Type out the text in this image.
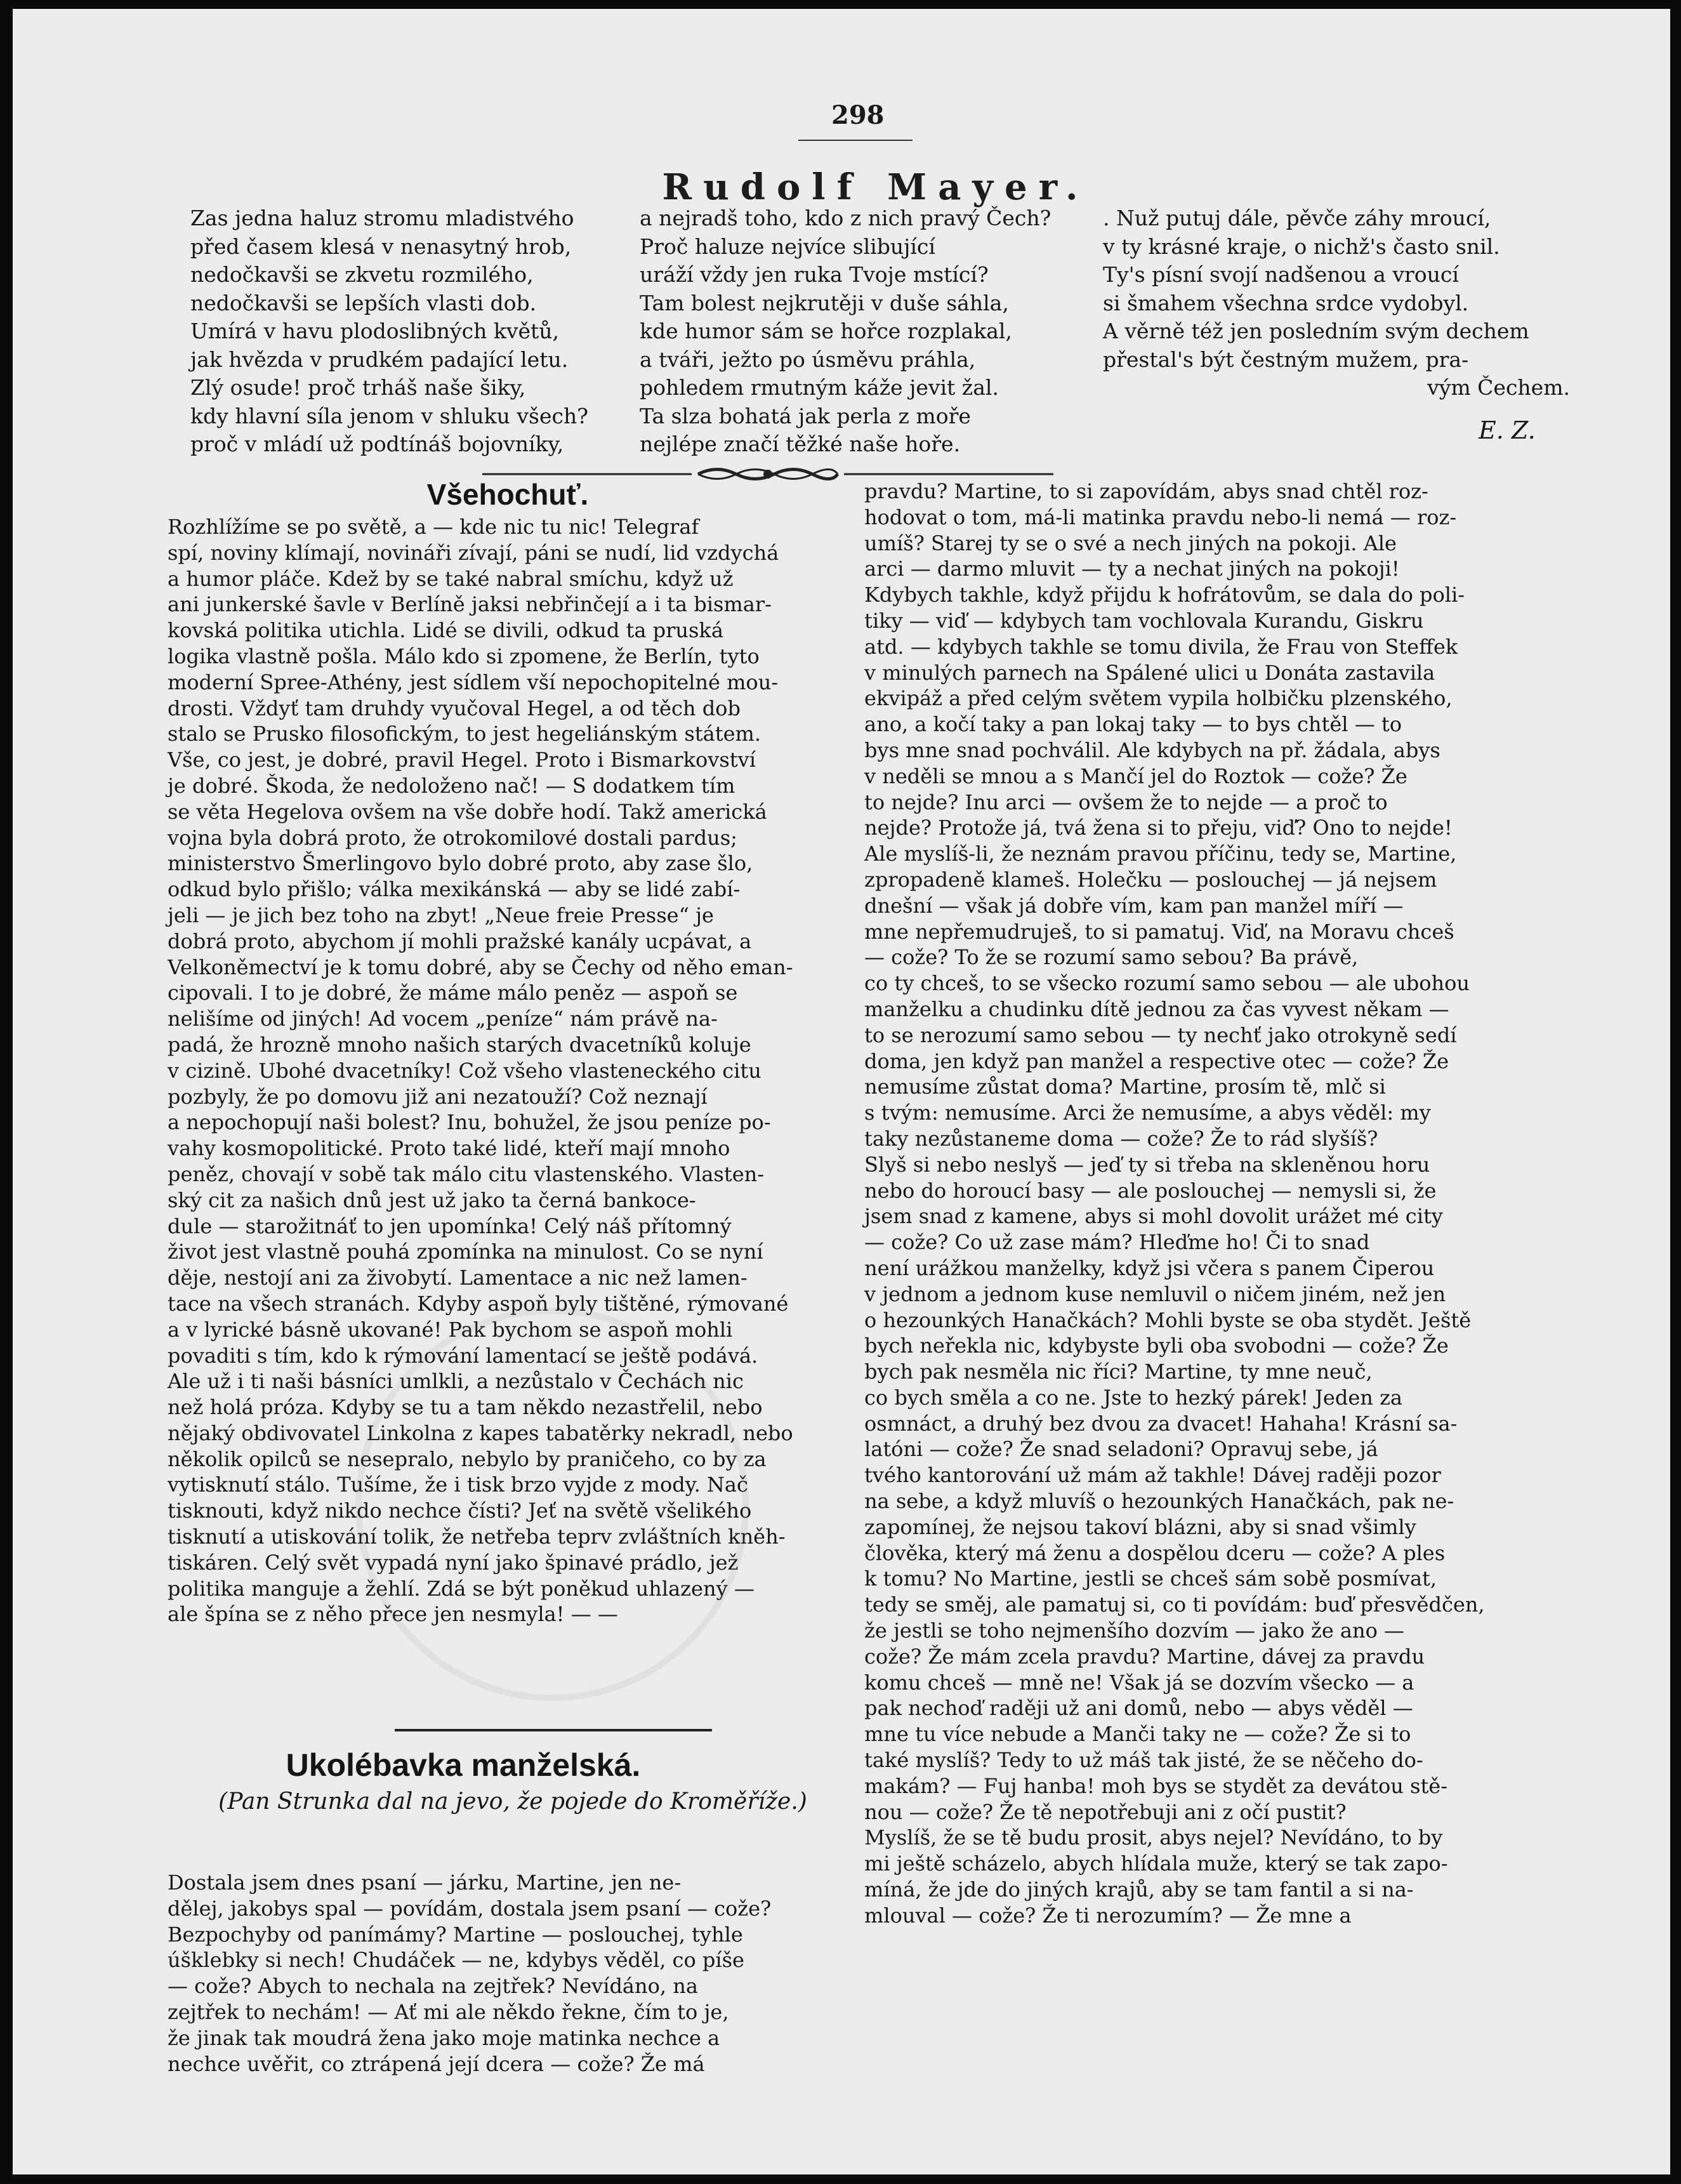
298
Rudolf Mayer.
Zas jedna haluz stromu mladistvého
před časem klesá v nenasytný hrob,
nedočkavši se zkvetu rozmilého,
nedočkavši se lepších vlasti dob.
Umírá v havu plodoslibných květů,
jak hvězda v prudkém padající letu.
Zlý osude! proč trháš naše šiky,
kdy hlavní síla jenom v shluku všech?
proč v mládí už podtínáš bojovníky,
a nejradš toho, kdo z nich pravý Čech?
Proč haluze nejvíce slibující
uráží vždy jen ruka Tvoje mstící?
Tam bolest nejkrutěji v duše sáhla,
kde humor sám se hořce rozplakal,
a tváři, ježto po úsměvu práhla,
pohledem rmutným káže jevit žal.
Ta slza bohatá jak perla z moře
nejlépe značí těžké naše hoře.
. Nuž putuj dále, pěvče záhy mroucí,
v ty krásné kraje, o nichž's často snil.
Ty's písní svojí nadšenou a vroucí
si šmahem všechna srdce vydobyl.
A věrně též jen posledním svým dechem
přestal's být čestným mužem, pra-
vým Čechem.
E. Z.
Všehochuť.
Rozhlížíme se po světě, a — kde nic tu nic! Telegraf
spí, noviny klímají, novináři zívají, páni se nudí, lid vzdychá
a humor pláče. Kdež by se také nabral smíchu, když už
ani junkerské šavle v Berlíně jaksi nebřinčejí a i ta bismar-
kovská politika utichla. Lidé se divili, odkud ta pruská
logika vlastně pošla. Málo kdo si zpomene, že Berlín, tyto
moderní Spree-Athény, jest sídlem vší nepochopitelné mou-
drosti. Vždyť tam druhdy vyučoval Hegel, a od těch dob
stalo se Prusko filosofickým, to jest hegeliánským státem.
Vše, co jest, je dobré, pravil Hegel. Proto i Bismarkovství
je dobré. Škoda, že nedoloženo nač! — S dodatkem tím
se věta Hegelova ovšem na vše dobře hodí. Takž americká
vojna byla dobrá proto, že otrokomilové dostali pardus;
ministerstvo Šmerlingovo bylo dobré proto, aby zase šlo,
odkud bylo přišlo; válka mexikánská — aby se lidé zabí-
jeli — je jich bez toho na zbyt! „Neue freie Presse“ je
dobrá proto, abychom jí mohli pražské kanály ucpávat, a
Velkoněmectví je k tomu dobré, aby se Čechy od něho eman-
cipovali. I to je dobré, že máme málo peněz — aspoň se
nelišíme od jiných! Ad vocem „peníze“ nám právě na-
padá, že hrozně mnoho našich starých dvacetníků koluje
v cizině. Ubohé dvacetníky! Což všeho vlasteneckého citu
pozbyly, že po domovu již ani nezatouží? Což neznají
a nepochopují naši bolest? Inu, bohužel, že jsou peníze po-
vahy kosmopolitické. Proto také lidé, kteří mají mnoho
peněz, chovají v sobě tak málo citu vlastenského. Vlasten-
ský cit za našich dnů jest už jako ta černá bankoce-
dule — starožitnáť to jen upomínka! Celý náš přítomný
život jest vlastně pouhá zpomínka na minulost. Co se nyní
děje, nestojí ani za živobytí. Lamentace a nic než lamen-
tace na všech stranách. Kdyby aspoň byly tištěné, rýmované
a v lyrické básně ukované! Pak bychom se aspoň mohli
povaditi s tím, kdo k rýmování lamentací se ještě podává.
Ale už i ti naši básníci umlkli, a nezůstalo v Čechách nic
než holá próza. Kdyby se tu a tam někdo nezastřelil, nebo
nějaký obdivovatel Linkolna z kapes tabatěrky nekradl, nebo
několik opilců se nesepralo, nebylo by praničeho, co by za
vytisknutí stálo. Tušíme, že i tisk brzo vyjde z mody. Nač
tisknouti, když nikdo nechce čísti? Jeť na světě všelikého
tisknutí a utiskování tolik, že netřeba teprv zvláštních kněh-
tiskáren. Celý svět vypadá nyní jako špinavé prádlo, jež
politika manguje a žehlí. Zdá se být poněkud uhlazený —
ale špína se z něho přece jen nesmyla! — —
Ukolébavka manželská.
(Pan Strunka dal na jevo, že pojede do Kroměříže.)
Dostala jsem dnes psaní — járku, Martine, jen ne-
dělej, jakobys spal — povídám, dostala jsem psaní — cože?
Bezpochyby od panímámy? Martine — poslouchej, tyhle
úšklebky si nech! Chudáček — ne, kdybys věděl, co píše
— cože? Abych to nechala na zejtřek? Nevídáno, na
zejtřek to nechám! — Ať mi ale někdo řekne, čím to je,
že jinak tak moudrá žena jako moje matinka nechce a
nechce uvěřit, co ztrápená její dcera — cože? Že má
pravdu? Martine, to si zapovídám, abys snad chtěl roz-
hodovat o tom, má-li matinka pravdu nebo-li nemá — roz-
umíš? Starej ty se o své a nech jiných na pokoji. Ale
arci — darmo mluvit — ty a nechat jiných na pokoji!
Kdybych takhle, když přijdu k hofrátovům, se dala do poli-
tiky — viď — kdybych tam vochlovala Kurandu, Giskru
atd. — kdybych takhle se tomu divila, že Frau von Steffek
v minulých parnech na Spálené ulici u Donáta zastavila
ekvipáž a před celým světem vypila holbičku plzenského,
ano, a kočí taky a pan lokaj taky — to bys chtěl — to
bys mne snad pochválil. Ale kdybych na př. žádala, abys
v neděli se mnou a s Mančí jel do Roztok — cože? Že
to nejde? Inu arci — ovšem že to nejde — a proč to
nejde? Protože já, tvá žena si to přeju, viď? Ono to nejde!
Ale myslíš-li, že neznám pravou příčinu, tedy se, Martine,
zpropadeně klameš. Holečku — poslouchej — já nejsem
dnešní — však já dobře vím, kam pan manžel míří —
mne nepřemudruješ, to si pamatuj. Viď, na Moravu chceš
— cože? To že se rozumí samo sebou? Ba právě,
co ty chceš, to se všecko rozumí samo sebou — ale ubohou
manželku a chudinku dítě jednou za čas vyvest někam —
to se nerozumí samo sebou — ty nechť jako otrokyně sedí
doma, jen když pan manžel a respective otec — cože? Že
nemusíme zůstat doma? Martine, prosím tě, mlč si
s tvým: nemusíme. Arci že nemusíme, a abys věděl: my
taky nezůstaneme doma — cože? Že to rád slyšíš?
Slyš si nebo neslyš — jeď ty si třeba na skleněnou horu
nebo do horoucí basy — ale poslouchej — nemysli si, že
jsem snad z kamene, abys si mohl dovolit urážet mé city
— cože? Co už zase mám? Hleďme ho! Či to snad
není urážkou manželky, když jsi včera s panem Čiperou
v jednom a jednom kuse nemluvil o ničem jiném, než jen
o hezounkých Hanačkách? Mohli byste se oba stydět. Ještě
bych neřekla nic, kdybyste byli oba svobodni — cože? Že
bych pak nesměla nic říci? Martine, ty mne neuč,
co bych směla a co ne. Jste to hezký párek! Jeden za
osmnáct, a druhý bez dvou za dvacet! Hahaha! Krásní sa-
latóni — cože? Že snad seladoni? Opravuj sebe, já
tvého kantorování už mám až takhle! Dávej raději pozor
na sebe, a když mluvíš o hezounkých Hanačkách, pak ne-
zapomínej, že nejsou takoví blázni, aby si snad všimly
člověka, který má ženu a dospělou dceru — cože? A ples
k tomu? No Martine, jestli se chceš sám sobě posmívat,
tedy se směj, ale pamatuj si, co ti povídám: buď přesvědčen,
že jestli se toho nejmenšího dozvím — jako že ano —
cože? Že mám zcela pravdu? Martine, dávej za pravdu
komu chceš — mně ne! Však já se dozvím všecko — a
pak nechoď raději už ani domů, nebo — abys věděl —
mne tu více nebude a Manči taky ne — cože? Že si to
také myslíš? Tedy to už máš tak jisté, že se něčeho do-
makám? — Fuj hanba! moh bys se stydět za devátou stě-
nou — cože? Že tě nepotřebuji ani z očí pustit?
Myslíš, že se tě budu prosit, abys nejel? Nevídáno, to by
mi ještě scházelo, abych hlídala muže, který se tak zapo-
míná, že jde do jiných krajů, aby se tam fantil a si na-
mlouval — cože? Že ti nerozumím? — Že mne a
